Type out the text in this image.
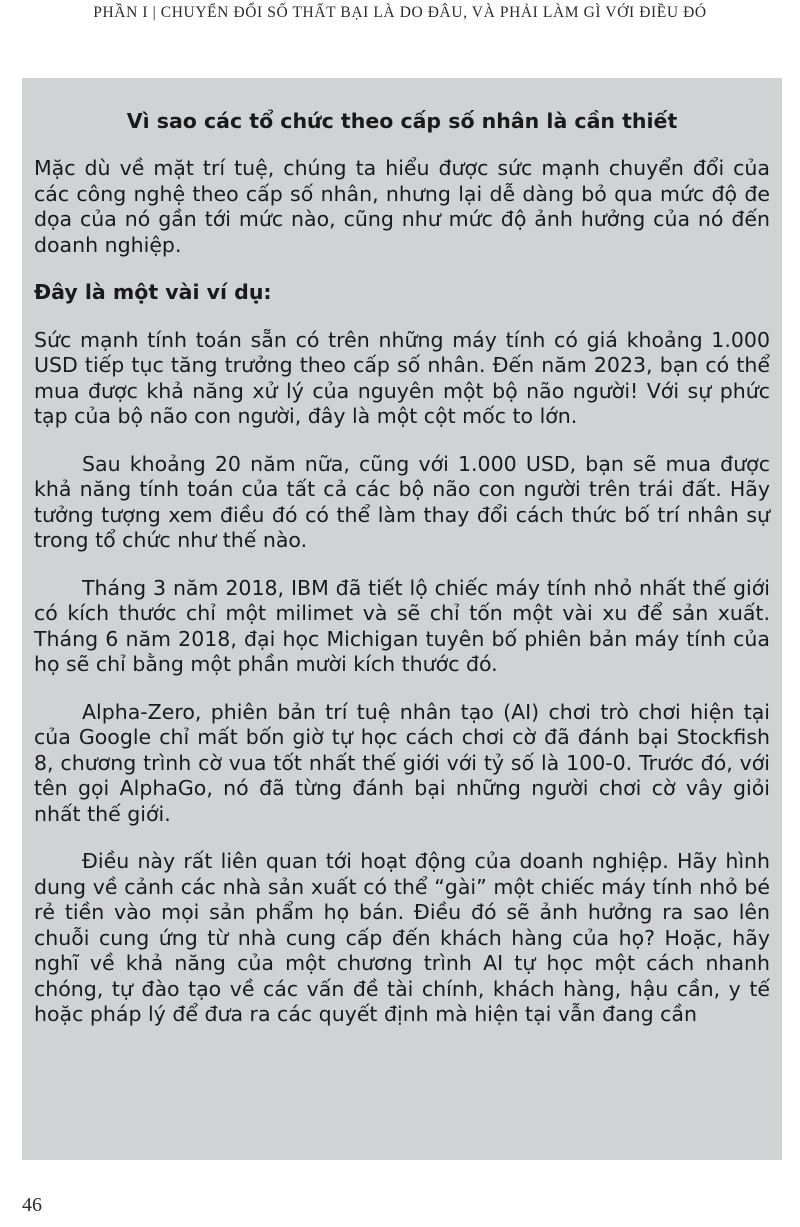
PHẦN I | CHUYỂN ĐỔI SỐ THẤT BẠI LÀ DO ĐÂU, VÀ PHẢI LÀM GÌ VỚI ĐIỀU ĐÓ
Vì sao các tổ chức theo cấp số nhân là cần thiết

Mặc dù về mặt trí tuệ, chúng ta hiểu được sức mạnh chuyển đổi của các công nghệ theo cấp số nhân, nhưng lại dễ dàng bỏ qua mức độ đe dọa của nó gần tới mức nào, cũng như mức độ ảnh hưởng của nó đến doanh nghiệp.

Đây là một vài ví dụ:

Sức mạnh tính toán sẵn có trên những máy tính có giá khoảng 1.000 USD tiếp tục tăng trưởng theo cấp số nhân. Đến năm 2023, bạn có thể mua được khả năng xử lý của nguyên một bộ não người! Với sự phức tạp của bộ não con người, đây là một cột mốc to lớn.

Sau khoảng 20 năm nữa, cũng với 1.000 USD, bạn sẽ mua được khả năng tính toán của tất cả các bộ não con người trên trái đất. Hãy tưởng tượng xem điều đó có thể làm thay đổi cách thức bố trí nhân sự trong tổ chức như thế nào.

Tháng 3 năm 2018, IBM đã tiết lộ chiếc máy tính nhỏ nhất thế giới có kích thước chỉ một milimet và sẽ chỉ tốn một vài xu để sản xuất. Tháng 6 năm 2018, đại học Michigan tuyên bố phiên bản máy tính của họ sẽ chỉ bằng một phần mười kích thước đó.

Alpha-Zero, phiên bản trí tuệ nhân tạo (AI) chơi trò chơi hiện tại của Google chỉ mất bốn giờ tự học cách chơi cờ đã đánh bại Stockfish 8, chương trình cờ vua tốt nhất thế giới với tỷ số là 100-0. Trước đó, với tên gọi AlphaGo, nó đã từng đánh bại những người chơi cờ vây giỏi nhất thế giới.

Điều này rất liên quan tới hoạt động của doanh nghiệp. Hãy hình dung về cảnh các nhà sản xuất có thể “gài” một chiếc máy tính nhỏ bé rẻ tiền vào mọi sản phẩm họ bán. Điều đó sẽ ảnh hưởng ra sao lên chuỗi cung ứng từ nhà cung cấp đến khách hàng của họ? Hoặc, hãy nghĩ về khả năng của một chương trình AI tự học một cách nhanh chóng, tự đào tạo về các vấn đề tài chính, khách hàng, hậu cần, y tế hoặc pháp lý để đưa ra các quyết định mà hiện tại vẫn đang cần

46
